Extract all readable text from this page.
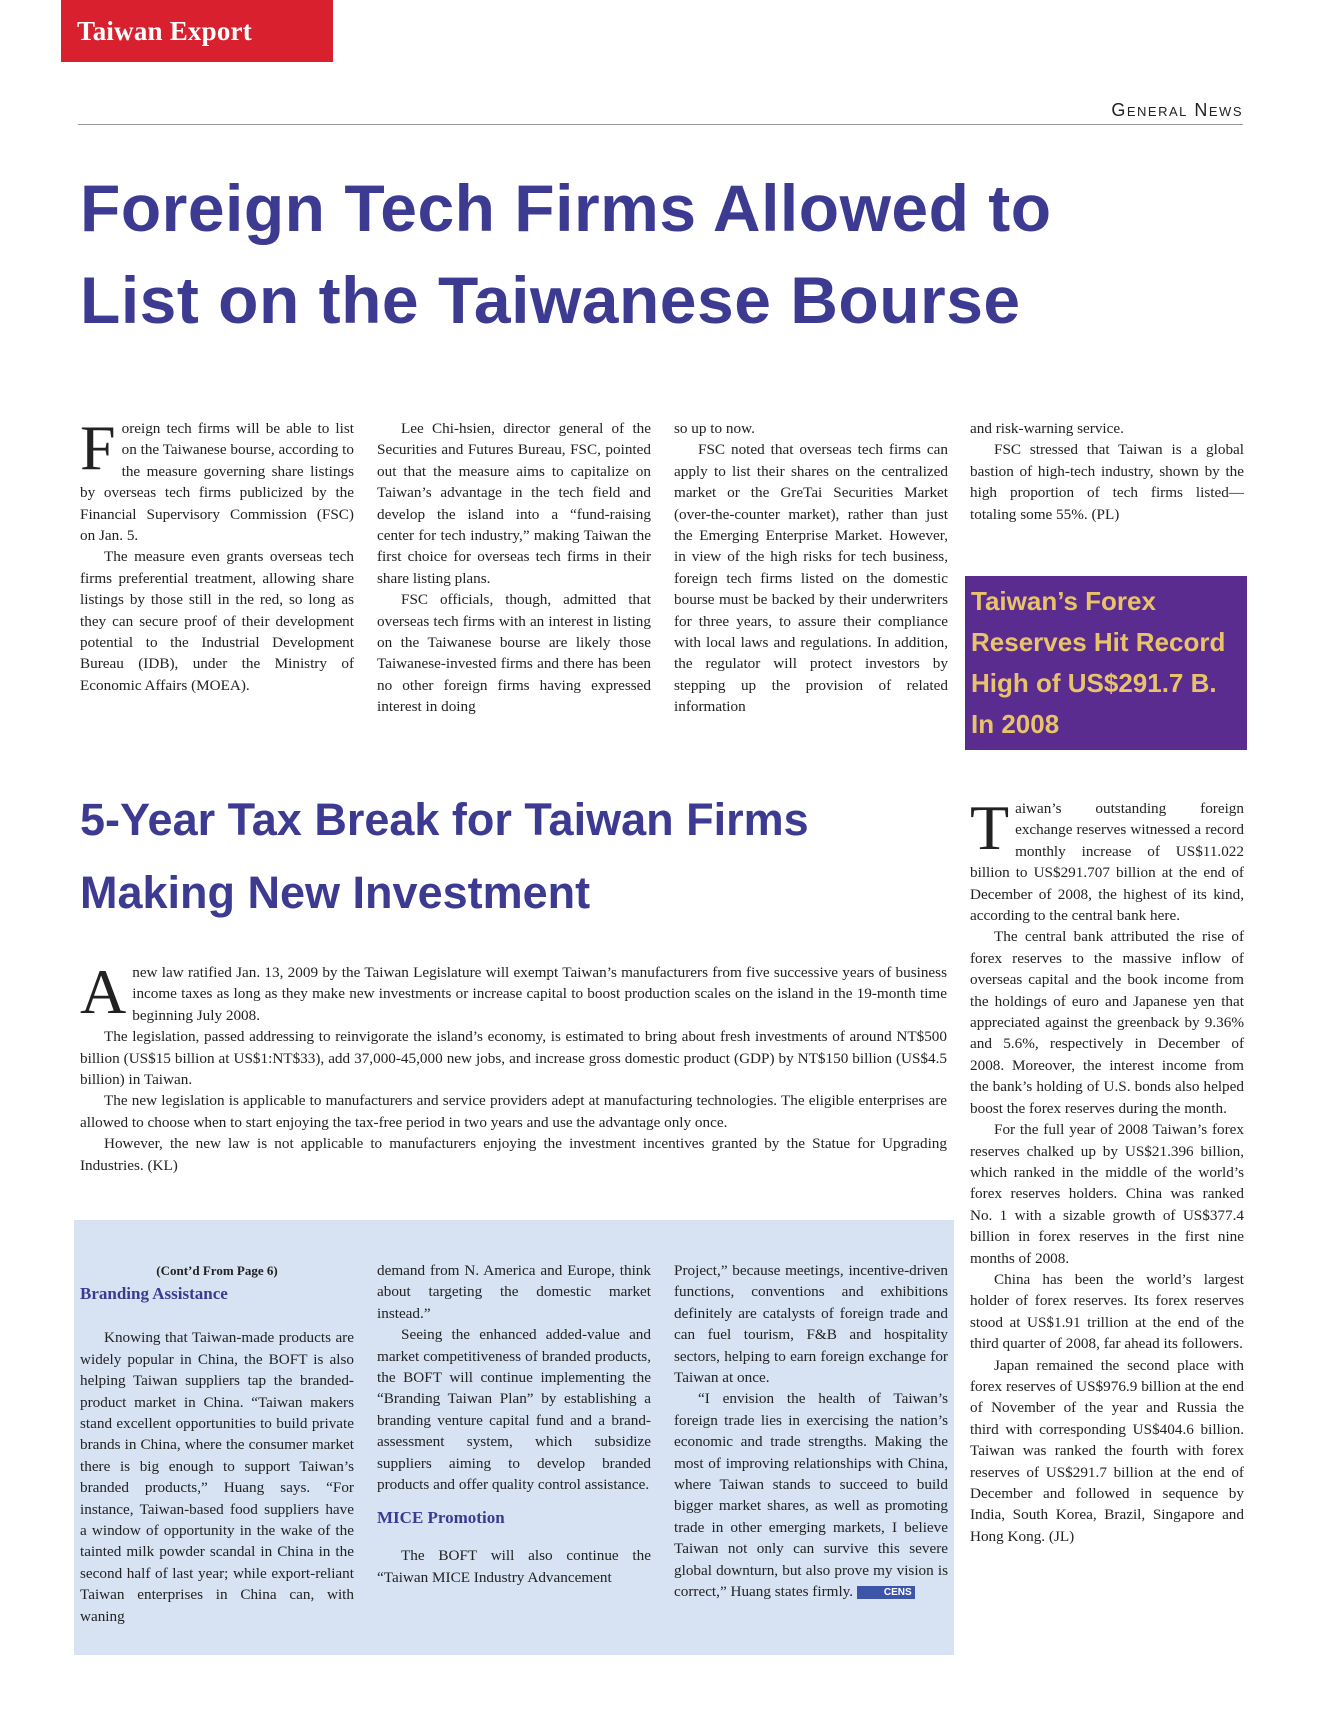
Taiwan Export Express
General News
Foreign Tech Firms Allowed to
List on the Taiwanese Bourse

Foreign tech firms will be able to list on the Taiwanese bourse, according to the measure governing share listings by overseas tech firms publicized by the Financial Supervisory Commission (FSC) on Jan. 5.

The measure even grants overseas tech firms preferential treatment, allowing share listings by those still in the red, so long as they can secure proof of their development potential to the Industrial Development Bureau (IDB), under the Ministry of Economic Affairs (MOEA).

Lee Chi-hsien, director general of the Securities and Futures Bureau, FSC, pointed out that the measure aims to capitalize on Taiwan’s advantage in the tech field and develop the island into a “fund-raising center for tech industry,” making Taiwan the first choice for overseas tech firms in their share listing plans.

FSC officials, though, admitted that overseas tech firms with an interest in listing on the Taiwanese bourse are likely those Taiwanese-invested firms and there has been no other foreign firms having expressed interest in doing

so up to now.

FSC noted that overseas tech firms can apply to list their shares on the centralized market or the GreTai Securities Market (over-the-counter market), rather than just the Emerging Enterprise Market. However, in view of the high risks for tech business, foreign tech firms listed on the domestic bourse must be backed by their underwriters for three years, to assure their compliance with local laws and regulations. In addition, the regulator will protect investors by stepping up the provision of related information

and risk-warning service.

FSC stressed that Taiwan is a global bastion of high-tech industry, shown by the high proportion of tech firms listed—totaling some 55%. (PL)

Taiwan’s Forex
Reserves Hit Record
High of US$291.7 B.
In 2008

Taiwan’s outstanding foreign exchange reserves witnessed a record monthly increase of US$11.022 billion to US$291.707 billion at the end of December of 2008, the highest of its kind, according to the central bank here.

The central bank attributed the rise of forex reserves to the massive inflow of overseas capital and the book income from the holdings of euro and Japanese yen that appreciated against the greenback by 9.36% and 5.6%, respectively in December of 2008. Moreover, the interest income from the bank’s holding of U.S. bonds also helped boost the forex reserves during the month.

For the full year of 2008 Taiwan’s forex reserves chalked up by US$21.396 billion, which ranked in the middle of the world’s forex reserves holders. China was ranked No. 1 with a sizable growth of US$377.4 billion in forex reserves in the first nine months of 2008.

China has been the world’s largest holder of forex reserves. Its forex reserves stood at US$1.91 trillion at the end of the third quarter of 2008, far ahead its followers.

Japan remained the second place with forex reserves of US$976.9 billion at the end of November of the year and Russia the third with corresponding US$404.6 billion. Taiwan was ranked the fourth with forex reserves of US$291.7 billion at the end of December and followed in sequence by India, South Korea, Brazil, Singapore and Hong Kong. (JL)

5-Year Tax Break for Taiwan Firms
Making New Investment

Anew law ratified Jan. 13, 2009 by the Taiwan Legislature will exempt Taiwan’s manufacturers from five successive years of business income taxes as long as they make new investments or increase capital to boost production scales on the island in the 19-month time beginning July 2008.

The legislation, passed addressing to reinvigorate the island’s economy, is estimated to bring about fresh investments of around NT$500 billion (US$15 billion at US$1:NT$33), add 37,000-45,000 new jobs, and increase gross domestic product (GDP) by NT$150 billion (US$4.5 billion) in Taiwan.

The new legislation is applicable to manufacturers and service providers adept at manufacturing technologies. The eligible enterprises are allowed to choose when to start enjoying the tax-free period in two years and use the advantage only once.

However, the new law is not applicable to manufacturers enjoying the investment incentives granted by the Statue for Upgrading Industries. (KL)

(Cont’d From Page 6)
Branding Assistance

Knowing that Taiwan-made products are widely popular in China, the BOFT is also helping Taiwan suppliers tap the branded-product market in China. “Taiwan makers stand excellent opportunities to build private brands in China, where the consumer market there is big enough to support Taiwan’s branded products,” Huang says. “For instance, Taiwan-based food suppliers have a window of opportunity in the wake of the tainted milk powder scandal in China in the second half of last year; while export-reliant Taiwan enterprises in China can, with waning

demand from N. America and Europe, think about targeting the domestic market instead.”

Seeing the enhanced added-value and market competitiveness of branded products, the BOFT will continue implementing the “Branding Taiwan Plan” by establishing a branding venture capital fund and a brand-assessment system, which subsidize suppliers aiming to develop branded products and offer quality control assistance.

MICE Promotion

The BOFT will also continue the “Taiwan MICE Industry Advancement

Project,” because meetings, incentive-driven functions, conventions and exhibitions definitely are catalysts of foreign trade and can fuel tourism, F&B and hospitality sectors, helping to earn foreign exchange for Taiwan at once.

“I envision the health of Taiwan’s foreign trade lies in exercising the nation’s economic and trade strengths. Making the most of improving relationships with China, where Taiwan stands to succeed to build bigger market shares, as well as promoting trade in other emerging markets, I believe Taiwan not only can survive this severe global downturn, but also prove my vision is correct,” Huang states firmly.	CENS
